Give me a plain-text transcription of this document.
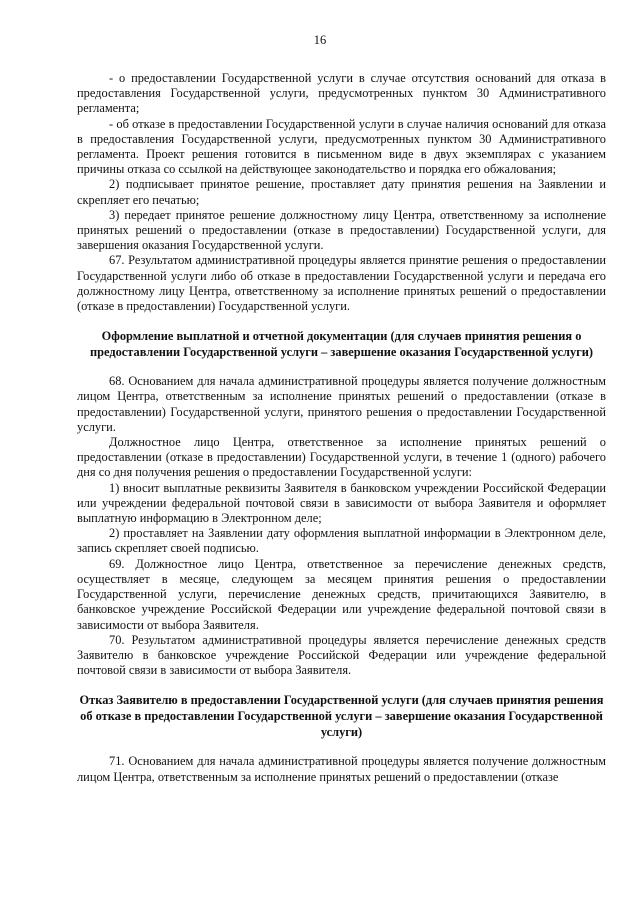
16

- о предоставлении Государственной услуги в случае отсутствия оснований для отказа в предоставления Государственной услуги, предусмотренных пунктом 30 Административного регламента;

- об отказе в предоставлении Государственной услуги в случае наличия оснований для отказа в предоставления Государственной услуги, предусмотренных пунктом 30 Административного регламента. Проект решения готовится в письменном виде в двух экземплярах с указанием причины отказа со ссылкой на действующее законодательство и порядка его обжалования;

2) подписывает принятое решение, проставляет дату принятия решения на Заявлении и скрепляет его печатью;

3) передает принятое решение должностному лицу Центра, ответственному за исполнение принятых решений о предоставлении (отказе в предоставлении) Государственной услуги, для завершения оказания Государственной услуги.

67. Результатом административной процедуры является принятие решения о предоставлении Государственной услуги либо об отказе в предоставлении Государственной услуги и передача его должностному лицу Центра, ответственному за исполнение принятых решений о предоставлении (отказе в предоставлении) Государственной услуги.

Оформление выплатной и отчетной документации (для случаев принятия решения о предоставлении Государственной услуги – завершение оказания Государственной услуги)

68. Основанием для начала административной процедуры является получение должностным лицом Центра, ответственным за исполнение принятых решений о предоставлении (отказе в предоставлении) Государственной услуги, принятого решения о предоставлении Государственной услуги.

Должностное лицо Центра, ответственное за исполнение принятых решений о предоставлении (отказе в предоставлении) Государственной услуги, в течение 1 (одного) рабочего дня со дня получения решения о предоставлении Государственной услуги:

1) вносит выплатные реквизиты Заявителя в банковском учреждении Российской Федерации или учреждении федеральной почтовой связи в зависимости от выбора Заявителя и оформляет выплатную информацию в Электронном деле;

2) проставляет на Заявлении дату оформления выплатной информации в Электронном деле, запись скрепляет своей подписью.

69. Должностное лицо Центра, ответственное за перечисление денежных средств, осуществляет в месяце, следующем за месяцем принятия решения о предоставлении Государственной услуги, перечисление денежных средств, причитающихся Заявителю, в банковское учреждение Российской Федерации или учреждение федеральной почтовой связи в зависимости от выбора Заявителя.

70. Результатом административной процедуры является перечисление денежных средств Заявителю в банковское учреждение Российской Федерации или учреждение федеральной почтовой связи в зависимости от выбора Заявителя.

Отказ Заявителю в предоставлении Государственной услуги (для случаев принятия решения об отказе в предоставлении Государственной услуги – завершение оказания Государственной услуги)

71. Основанием для начала административной процедуры является получение должностным лицом Центра, ответственным за исполнение принятых решений о предоставлении (отказе
